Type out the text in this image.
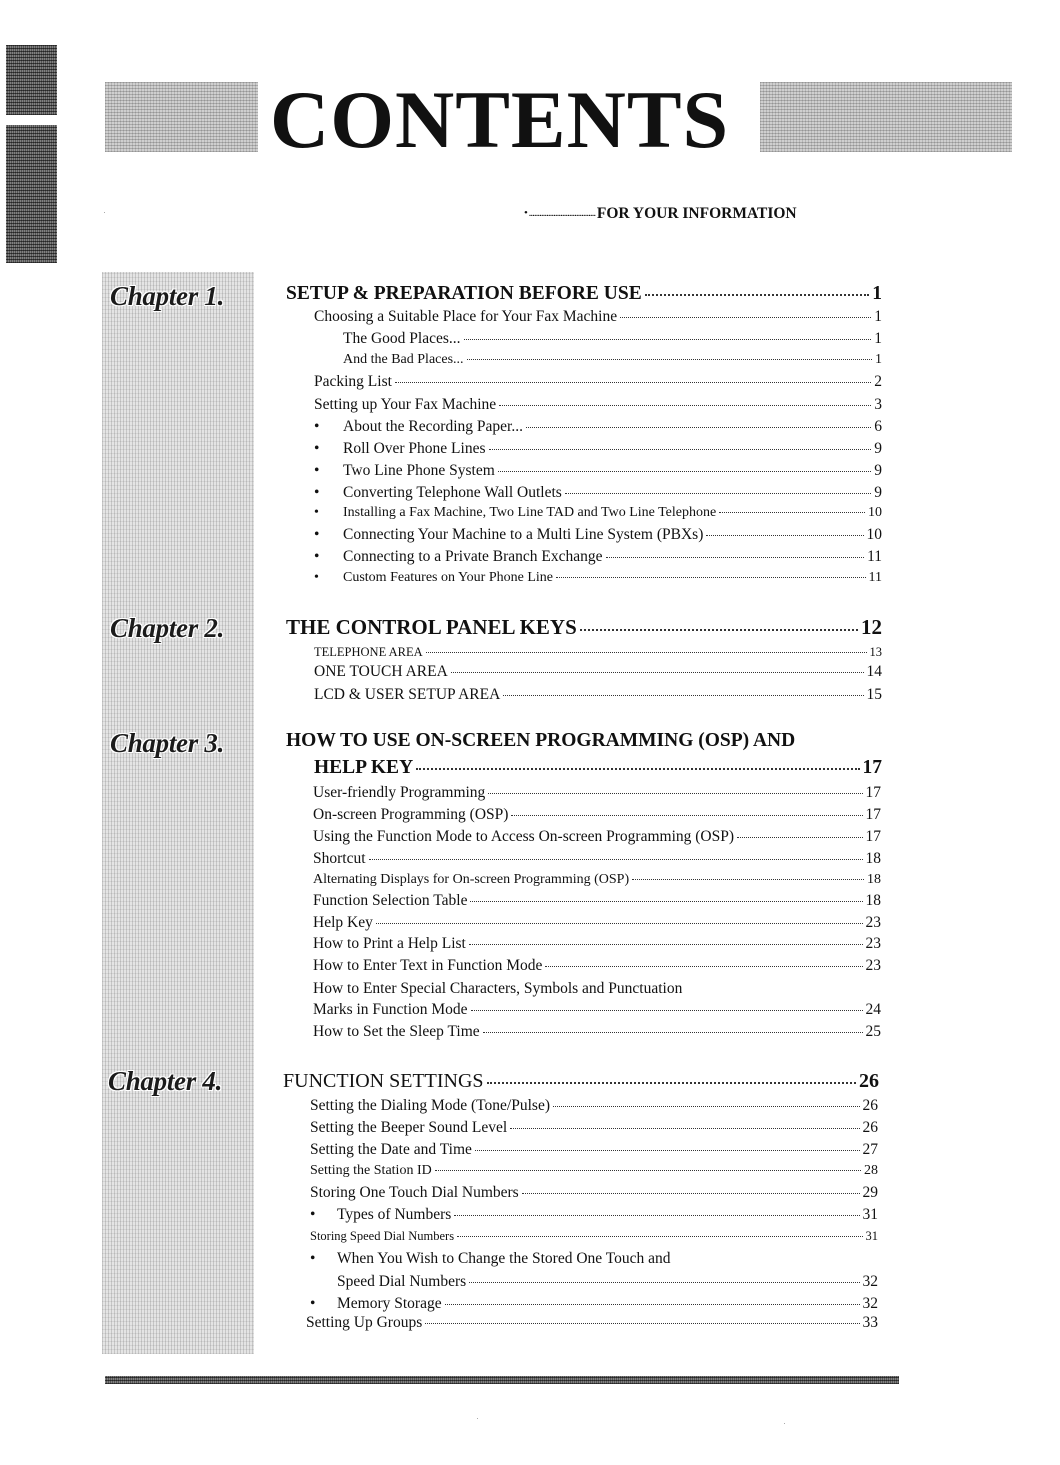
CONTENTS
• ...................................... FOR YOUR INFORMATION
Chapter 1.	SETUP & PREPARATION BEFORE USE	1
Choosing a Suitable Place for Your Fax Machine	1
The Good Places...	1
And the Bad Places...	1
Packing List	2
Setting up Your Fax Machine	3
•	About the Recording Paper...	6
•	Roll Over Phone Lines	9
•	Two Line Phone System	9
•	Converting Telephone Wall Outlets	9
•	Installing a Fax Machine, Two Line TAD and Two Line Telephone	10
•	Connecting Your Machine to a Multi Line System (PBXs)	10
•	Connecting to a Private Branch Exchange	11
•	Custom Features on Your Phone Line	11
Chapter 2.	THE CONTROL PANEL KEYS	12
TELEPHONE AREA	13
ONE TOUCH AREA	14
LCD & USER SETUP AREA	15
Chapter 3.	HOW TO USE ON-SCREEN PROGRAMMING (OSP) AND
HELP KEY	17
User-friendly Programming	17
On-screen Programming (OSP)	17
Using the Function Mode to Access On-screen Programming (OSP)	17
Shortcut	18
Alternating Displays for On-screen Programming (OSP)	18
Function Selection Table	18
Help Key	23
How to Print a Help List	23
How to Enter Text in Function Mode	23
How to Enter Special Characters, Symbols and Punctuation
Marks in Function Mode	24
How to Set the Sleep Time	25
Chapter 4.	FUNCTION SETTINGS	26
Setting the Dialing Mode (Tone/Pulse)	26
Setting the Beeper Sound Level	26
Setting the Date and Time	27
Setting the Station ID	28
Storing One Touch Dial Numbers	29
•	Types of Numbers	31
Storing Speed Dial Numbers	31
•	When You Wish to Change the Stored One Touch and
Speed Dial Numbers	32
•	Memory Storage	32
Setting Up Groups	33
